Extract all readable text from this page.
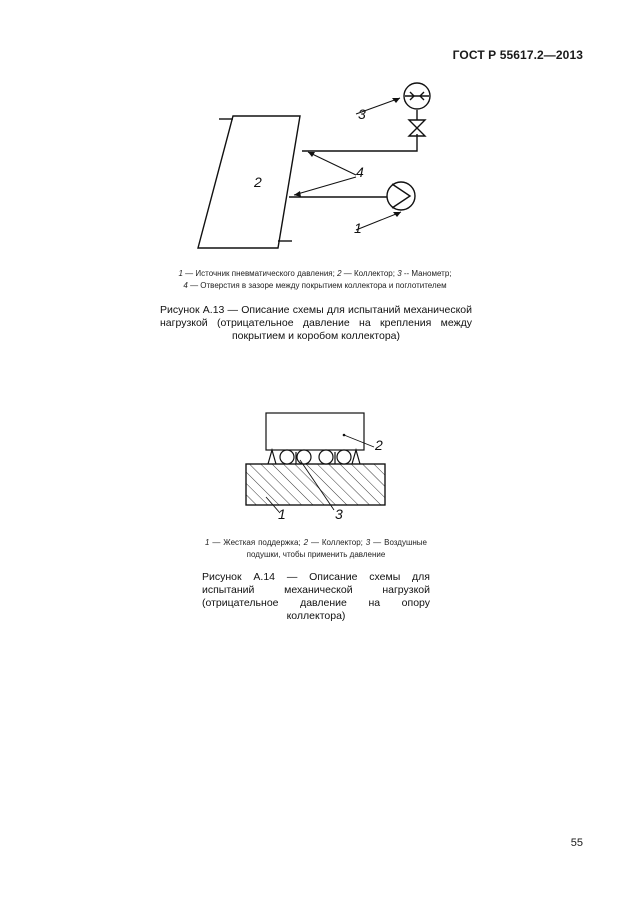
ГОСТ Р 55617.2—2013
2
3
4
1
1 — Источник пневматического давления; 2 — Коллектор; 3 -- Манометр;
4 — Отверстия в зазоре между покрытием коллектора и поглотителем
Рисунок А.13 — Описание схемы для испытаний механической нагрузкой (отрицательное давление на крепления между покрытием и коробом коллектора)
2
3
1
1 — Жесткая поддержка; 2 — Коллектор; 3 — Воздушные подушки, чтобы применить давление
Рисунок А.14 — Описание схемы для испытаний механической нагрузкой (отрицательное давление на опору коллектора)
55
